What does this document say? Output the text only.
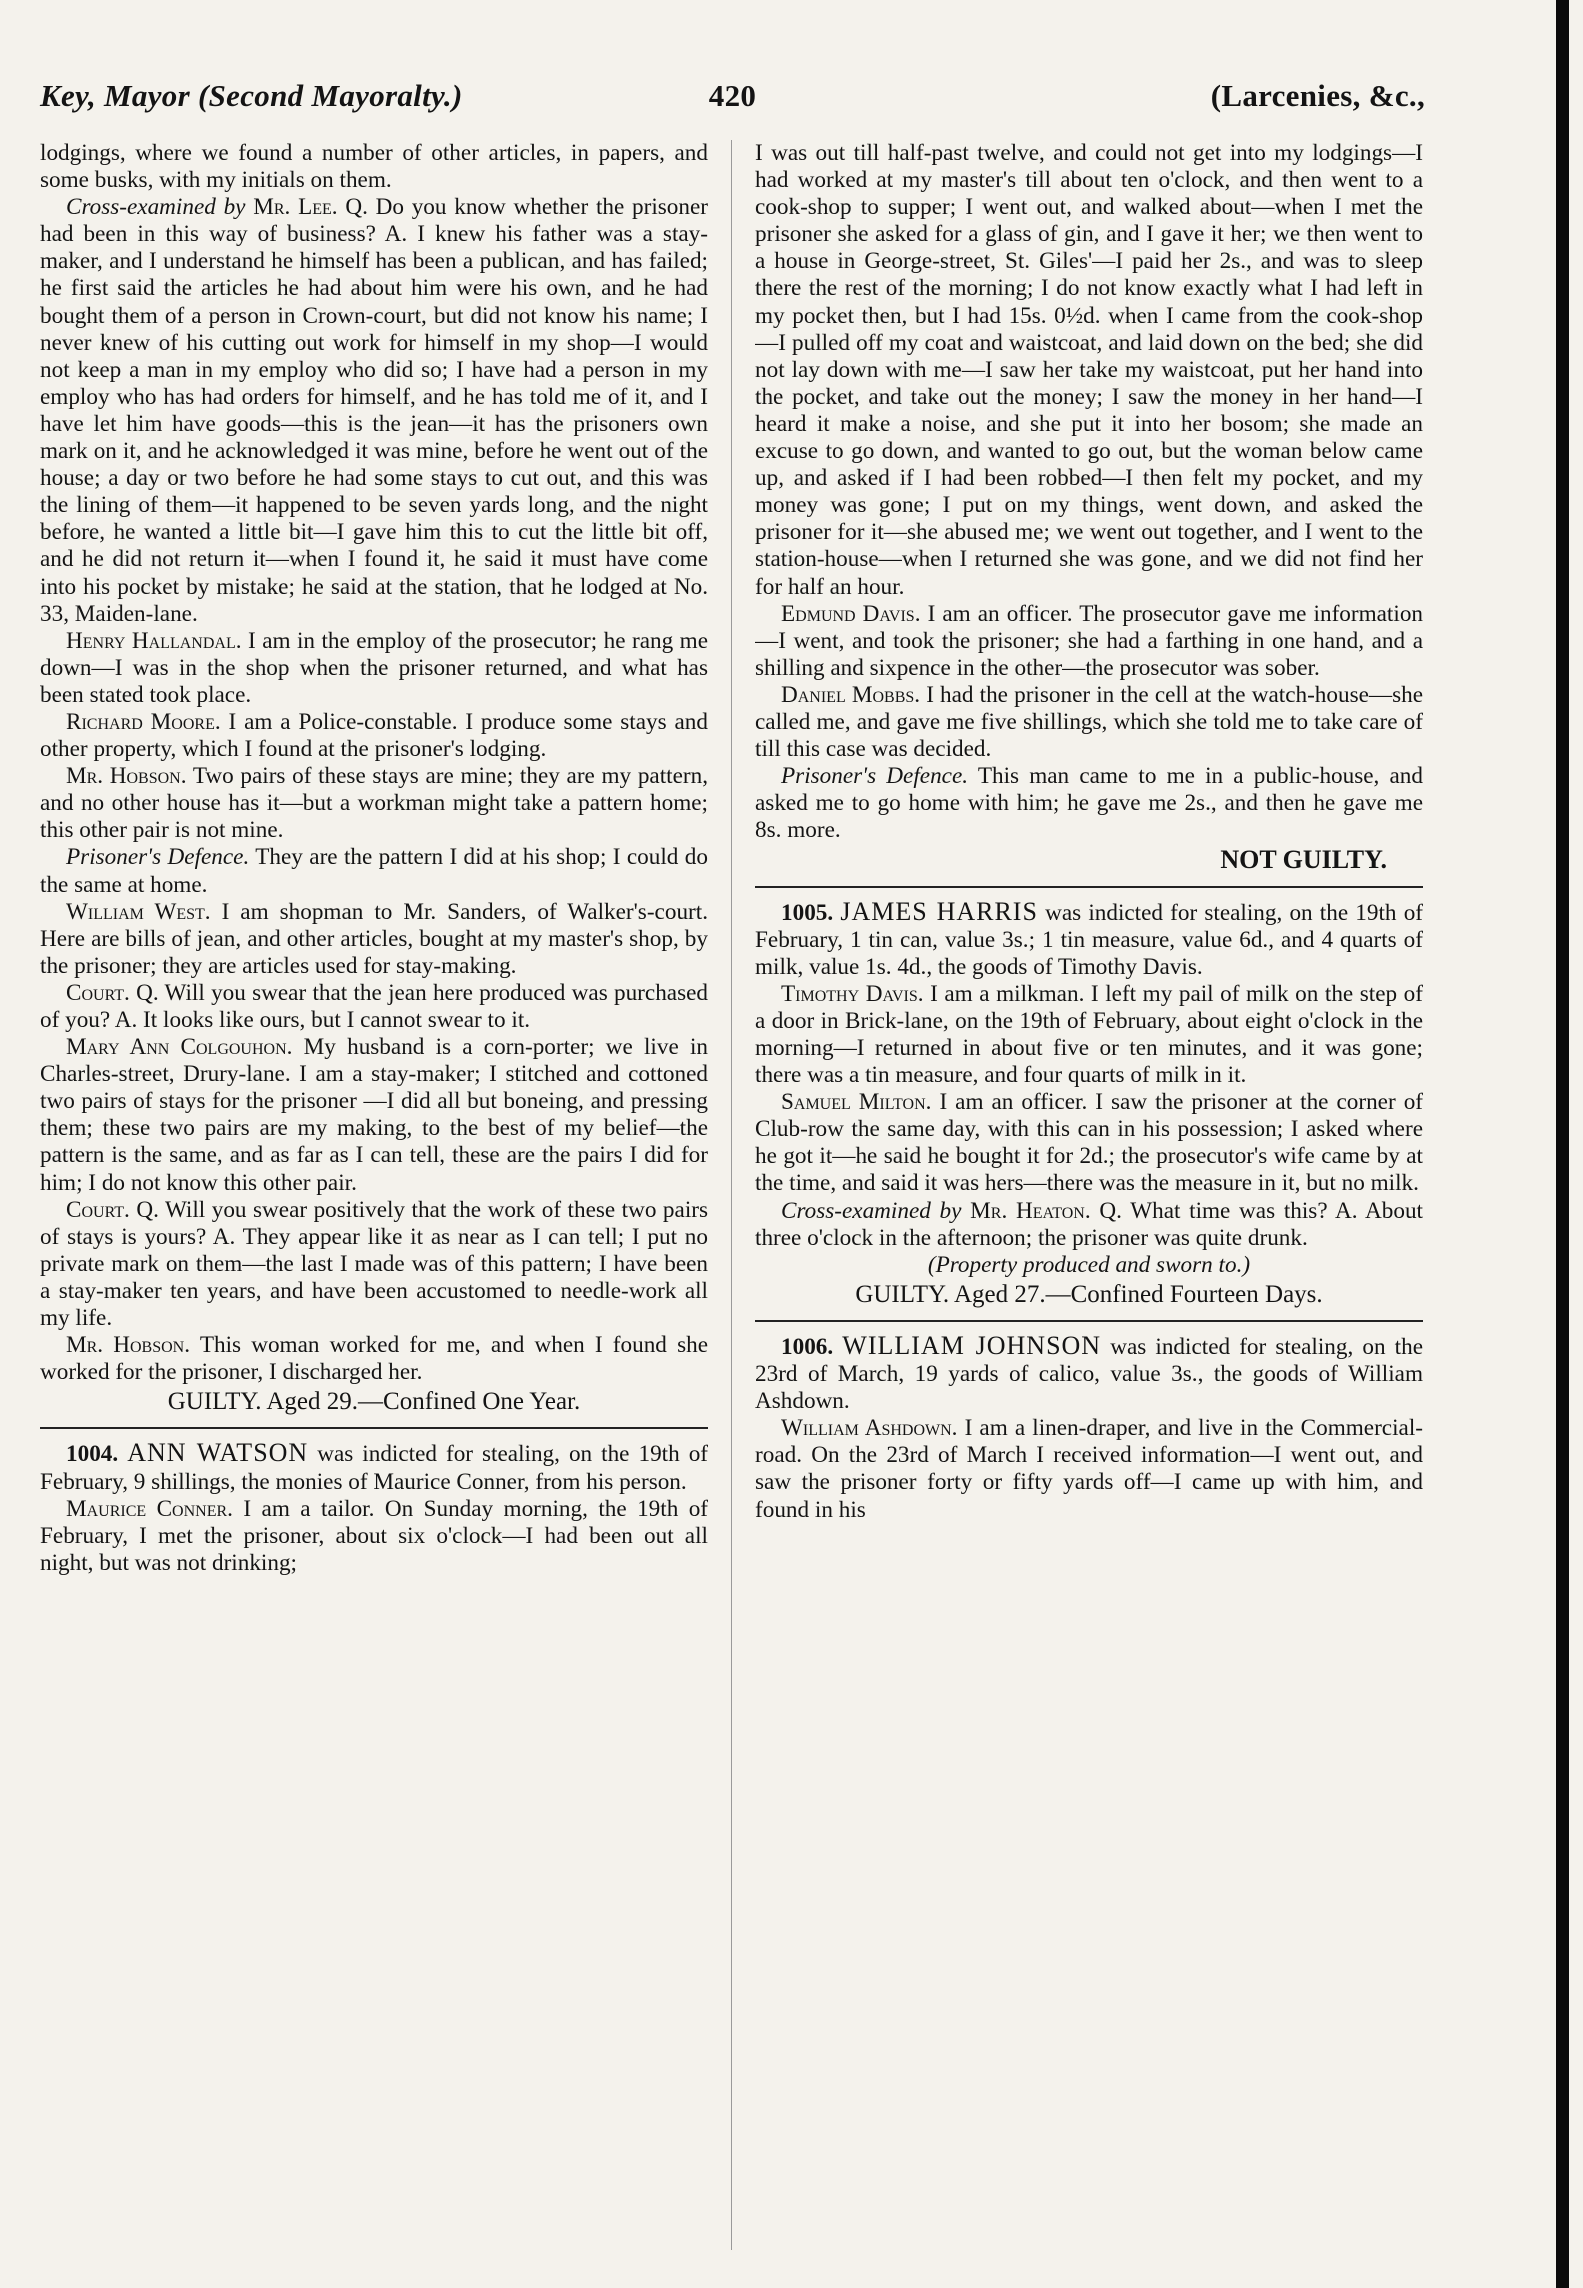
Key, Mayor (Second Mayoralty.)	420	(Larcenies, &c.,

lodgings, where we found a number of other articles, in papers, and some busks, with my initials on them.

Cross-examined by Mr. Lee. Q. Do you know whether the prisoner had been in this way of business? A. I knew his father was a stay-maker, and I understand he himself has been a publican, and has failed; he first said the articles he had about him were his own, and he had bought them of a person in Crown-court, but did not know his name; I never knew of his cutting out work for himself in my shop—I would not keep a man in my employ who did so; I have had a person in my employ who has had orders for himself, and he has told me of it, and I have let him have goods—this is the jean—it has the prisoners own mark on it, and he acknowledged it was mine, before he went out of the house; a day or two before he had some stays to cut out, and this was the lining of them—it happened to be seven yards long, and the night before, he wanted a little bit—I gave him this to cut the little bit off, and he did not return it—when I found it, he said it must have come into his pocket by mistake; he said at the station, that he lodged at No. 33, Maiden-lane.

Henry Hallandal. I am in the employ of the prosecutor; he rang me down—I was in the shop when the prisoner returned, and what has been stated took place.

Richard Moore. I am a Police-constable. I produce some stays and other property, which I found at the prisoner's lodging.

Mr. Hobson. Two pairs of these stays are mine; they are my pattern, and no other house has it—but a workman might take a pattern home; this other pair is not mine.

Prisoner's Defence. They are the pattern I did at his shop; I could do the same at home.

William West. I am shopman to Mr. Sanders, of Walker's-court. Here are bills of jean, and other articles, bought at my master's shop, by the prisoner; they are articles used for stay-making.

Court. Q. Will you swear that the jean here produced was purchased of you? A. It looks like ours, but I cannot swear to it.

Mary Ann Colgouhon. My husband is a corn-porter; we live in Charles-street, Drury-lane. I am a stay-maker; I stitched and cottoned two pairs of stays for the prisoner —I did all but boneing, and pressing them; these two pairs are my making, to the best of my belief—the pattern is the same, and as far as I can tell, these are the pairs I did for him; I do not know this other pair.

Court. Q. Will you swear positively that the work of these two pairs of stays is yours? A. They appear like it as near as I can tell; I put no private mark on them—the last I made was of this pattern; I have been a stay-maker ten years, and have been accustomed to needle-work all my life.

Mr. Hobson. This woman worked for me, and when I found she worked for the prisoner, I discharged her.

GUILTY. Aged 29.—Confined One Year.

1004. ANN WATSON was indicted for stealing, on the 19th of February, 9 shillings, the monies of Maurice Conner, from his person.

Maurice Conner. I am a tailor. On Sunday morning, the 19th of February, I met the prisoner, about six o'clock—I had been out all night, but was not drinking;

I was out till half-past twelve, and could not get into my lodgings—I had worked at my master's till about ten o'clock, and then went to a cook-shop to supper; I went out, and walked about—when I met the prisoner she asked for a glass of gin, and I gave it her; we then went to a house in George-street, St. Giles'—I paid her 2s., and was to sleep there the rest of the morning; I do not know exactly what I had left in my pocket then, but I had 15s. 0½d. when I came from the cook-shop —I pulled off my coat and waistcoat, and laid down on the bed; she did not lay down with me—I saw her take my waistcoat, put her hand into the pocket, and take out the money; I saw the money in her hand—I heard it make a noise, and she put it into her bosom; she made an excuse to go down, and wanted to go out, but the woman below came up, and asked if I had been robbed—I then felt my pocket, and my money was gone; I put on my things, went down, and asked the prisoner for it—she abused me; we went out together, and I went to the station-house—when I returned she was gone, and we did not find her for half an hour.

Edmund Davis. I am an officer. The prosecutor gave me information—I went, and took the prisoner; she had a farthing in one hand, and a shilling and sixpence in the other—the prosecutor was sober.

Daniel Mobbs. I had the prisoner in the cell at the watch-house—she called me, and gave me five shillings, which she told me to take care of till this case was decided.

Prisoner's Defence. This man came to me in a public-house, and asked me to go home with him; he gave me 2s., and then he gave me 8s. more.

NOT GUILTY.

1005. JAMES HARRIS was indicted for stealing, on the 19th of February, 1 tin can, value 3s.; 1 tin measure, value 6d., and 4 quarts of milk, value 1s. 4d., the goods of Timothy Davis.

Timothy Davis. I am a milkman. I left my pail of milk on the step of a door in Brick-lane, on the 19th of February, about eight o'clock in the morning—I returned in about five or ten minutes, and it was gone; there was a tin measure, and four quarts of milk in it.

Samuel Milton. I am an officer. I saw the prisoner at the corner of Club-row the same day, with this can in his possession; I asked where he got it—he said he bought it for 2d.; the prosecutor's wife came by at the time, and said it was hers—there was the measure in it, but no milk.

Cross-examined by Mr. Heaton. Q. What time was this? A. About three o'clock in the afternoon; the prisoner was quite drunk.

(Property produced and sworn to.)

GUILTY. Aged 27.—Confined Fourteen Days.

1006. WILLIAM JOHNSON was indicted for stealing, on the 23rd of March, 19 yards of calico, value 3s., the goods of William Ashdown.

William Ashdown. I am a linen-draper, and live in the Commercial-road. On the 23rd of March I received information—I went out, and saw the prisoner forty or fifty yards off—I came up with him, and found in his
